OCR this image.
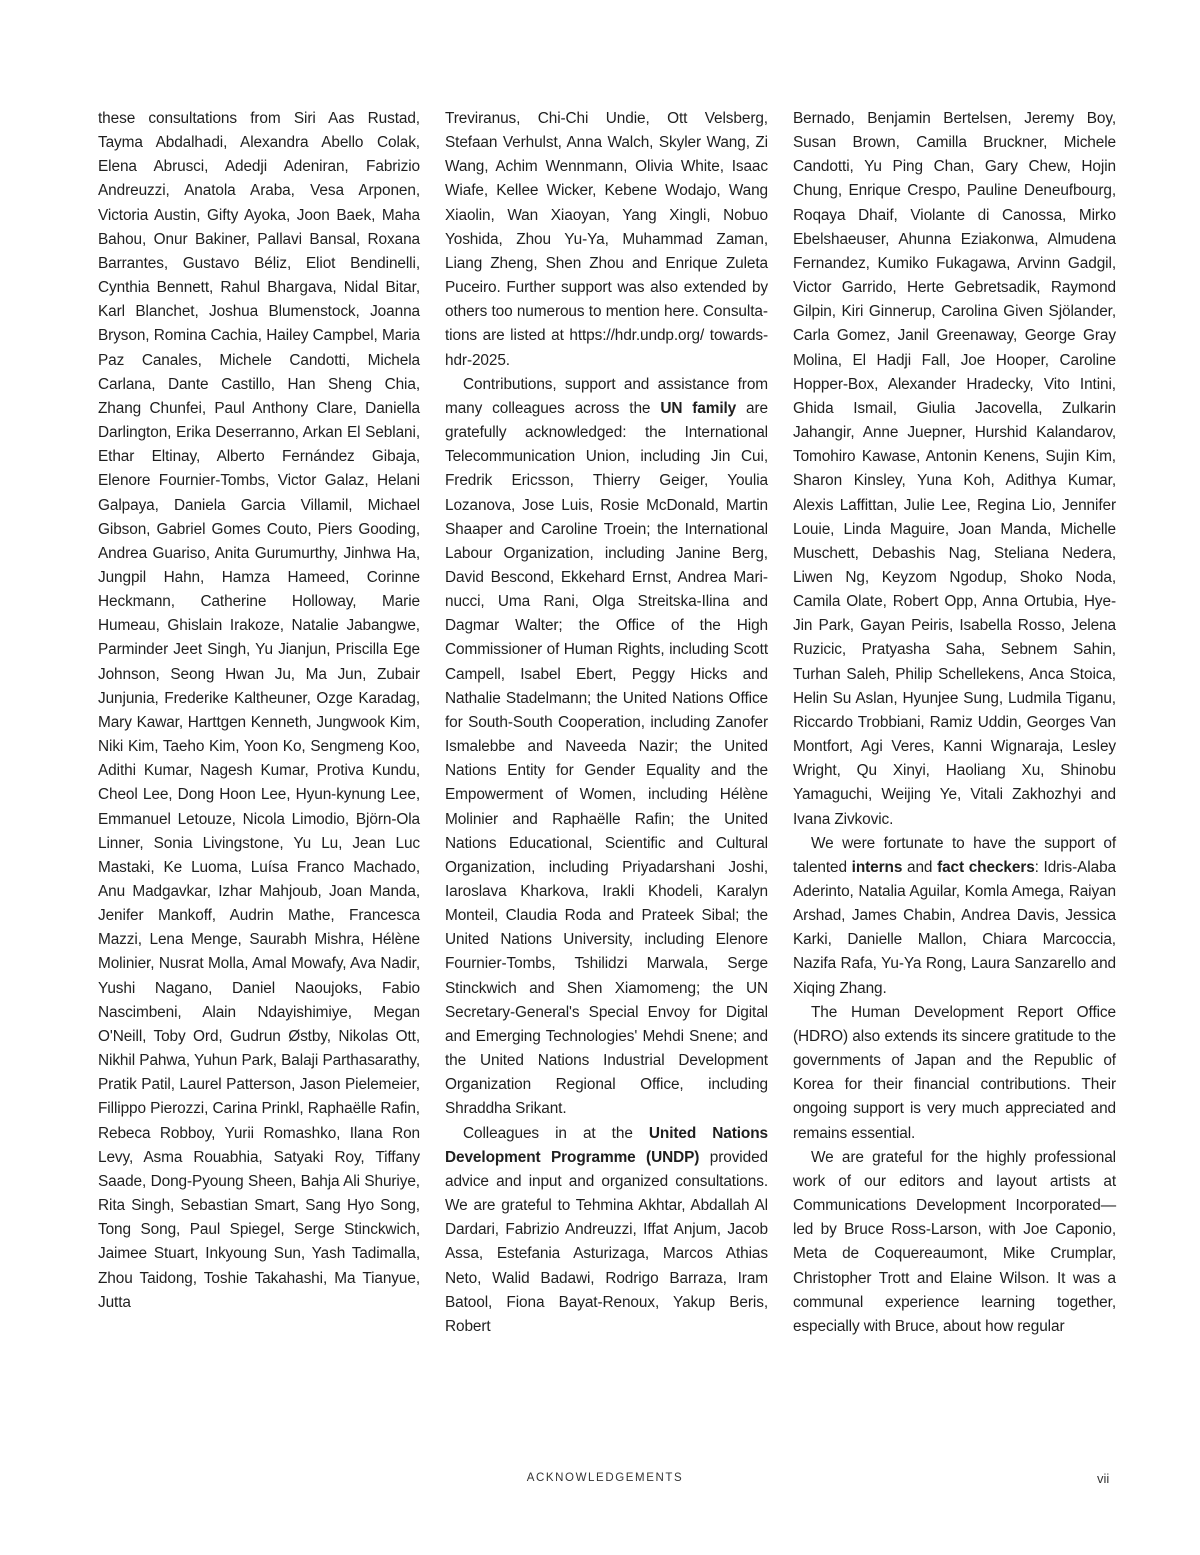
these consultations from Siri Aas Rustad, Tayma Abdalhadi, Alexandra Abello Colak, Elena Abrusci, Adedji Adeniran, Fabrizio Andreuzzi, Anatola Araba, Vesa Arponen, Victoria Austin, Gifty Ayoka, Joon Baek, Maha Bahou, Onur Bakiner, Pallavi Bansal, Roxana Barrantes, Gustavo Béliz, Eliot Bendinelli, Cynthia Bennett, Rahul Bhargava, Nidal Bitar, Karl Blanchet, Joshua Blumenstock, Joanna Bryson, Romina Cachia, Hailey Campbel, Maria Paz Canales, Michele Candotti, Michela Carlana, Dante Castillo, Han Sheng Chia, Zhang Chunfei, Paul Anthony Clare, Daniella Darlington, Erika Deserranno, Arkan El Seblani, Ethar Eltinay, Alberto Fernández Gibaja, Elenore Fournier-Tombs, Victor Galaz, Helani Galpaya, Daniela Garcia Villamil, Michael Gibson, Gabriel Gomes Couto, Piers Gooding, Andrea Guariso, Anita Gurumurthy, Jinhwa Ha, Jungpil Hahn, Hamza Hameed, Corinne Heckmann, Catherine Holloway, Marie Humeau, Ghislain Irakoze, Natalie Jabangwe, Parminder Jeet Singh, Yu Jianjun, Priscilla Ege Johnson, Seong Hwan Ju, Ma Jun, Zubair Junjunia, Frederike Kaltheuner, Ozge Karadag, Mary Kawar, Harttgen Kenneth, Jungwook Kim, Niki Kim, Taeho Kim, Yoon Ko, Sengmeng Koo, Adithi Kumar, Nagesh Kumar, Protiva Kundu, Cheol Lee, Dong Hoon Lee, Hyun-kynung Lee, Emmanuel Letouze, Nicola Limodio, Björn-Ola Linner, Sonia Livingstone, Yu Lu, Jean Luc Mastaki, Ke Luoma, Luísa Franco Machado, Anu Madgavkar, Izhar Mahjoub, Joan Manda, Jenifer Mankoff, Audrin Mathe, Francesca Mazzi, Lena Menge, Saurabh Mishra, Hélène Molinier, Nusrat Molla, Amal Mowafy, Ava Nadir, Yushi Nagano, Daniel Naoujoks, Fabio Nascimbeni, Alain Ndayishimiye, Megan O'Neill, Toby Ord, Gudrun Østby, Nikolas Ott, Nikhil Pahwa, Yuhun Park, Balaji Parthasarathy, Pratik Patil, Laurel Patterson, Jason Pielemeier, Fillippo Pierozzi, Carina Prinkl, Raphaëlle Rafin, Rebeca Robboy, Yurii Romashko, Ilana Ron Levy, Asma Rouabhia, Satyaki Roy, Tiffany Saade, Dong-Pyoung Sheen, Bahja Ali Shuriye, Rita Singh, Sebastian Smart, Sang Hyo Song, Tong Song, Paul Spiegel, Serge Stinckwich, Jaimee Stuart, Inkyoung Sun, Yash Tadimalla, Zhou Taidong, Toshie Takahashi, Ma Tianyue, Jutta

Treviranus, Chi-Chi Undie, Ott Velsberg, Stefaan Verhulst, Anna Walch, Skyler Wang, Zi Wang, Achim Wennmann, Olivia White, Isaac Wiafe, Kellee Wicker, Kebene Wodajo, Wang Xiaolin, Wan Xiaoyan, Yang Xingli, Nobuo Yoshida, Zhou Yu-Ya, Muhammad Zaman, Liang Zheng, Shen Zhou and Enrique Zuleta Puceiro. Further support was also extended by others too numerous to mention here. Consultations are listed at https://hdr.undp.org/ towards-hdr-2025.

Contributions, support and assistance from many colleagues across the UN family are gratefully acknowledged: the International Telecommunication Union, including Jin Cui, Fredrik Ericsson, Thierry Geiger, Youlia Lozanova, Jose Luis, Rosie McDonald, Martin Shaaper and Caroline Troein; the International Labour Organization, including Janine Berg, David Bescond, Ekkehard Ernst, Andrea Marinucci, Uma Rani, Olga Streitska-Ilina and Dagmar Walter; the Office of the High Commissioner of Human Rights, including Scott Campell, Isabel Ebert, Peggy Hicks and Nathalie Stadelmann; the United Nations Office for South-South Cooperation, including Zanofer Ismalebbe and Naveeda Nazir; the United Nations Entity for Gender Equality and the Empowerment of Women, including Hélène Molinier and Raphaëlle Rafin; the United Nations Educational, Scientific and Cultural Organization, including Priyadarshani Joshi, Iaroslava Kharkova, Irakli Khodeli, Karalyn Monteil, Claudia Roda and Prateek Sibal; the United Nations University, including Elenore Fournier-Tombs, Tshilidzi Marwala, Serge Stinckwich and Shen Xiamomeng; the UN Secretary-General's Special Envoy for Digital and Emerging Technologies' Mehdi Snene; and the United Nations Industrial Development Organization Regional Office, including Shraddha Srikant.

Colleagues in at the United Nations Development Programme (UNDP) provided advice and input and organized consultations. We are grateful to Tehmina Akhtar, Abdallah Al Dardari, Fabrizio Andreuzzi, Iffat Anjum, Jacob Assa, Estefania Asturizaga, Marcos Athias Neto, Walid Badawi, Rodrigo Barraza, Iram Batool, Fiona Bayat-Renoux, Yakup Beris, Robert

Bernado, Benjamin Bertelsen, Jeremy Boy, Susan Brown, Camilla Bruckner, Michele Candotti, Yu Ping Chan, Gary Chew, Hojin Chung, Enrique Crespo, Pauline Deneufbourg, Roqaya Dhaif, Violante di Canossa, Mirko Ebelshaeuser, Ahunna Eziakonwa, Almudena Fernandez, Kumiko Fukagawa, Arvinn Gadgil, Victor Garrido, Herte Gebretsadik, Raymond Gilpin, Kiri Ginnerup, Carolina Given Sjölander, Carla Gomez, Janil Greenaway, George Gray Molina, El Hadji Fall, Joe Hooper, Caroline Hopper-Box, Alexander Hradecky, Vito Intini, Ghida Ismail, Giulia Jacovella, Zulkarin Jahangir, Anne Juepner, Hurshid Kalandarov, Tomohiro Kawase, Antonin Kenens, Sujin Kim, Sharon Kinsley, Yuna Koh, Adithya Kumar, Alexis Laffittan, Julie Lee, Regina Lio, Jennifer Louie, Linda Maguire, Joan Manda, Michelle Muschett, Debashis Nag, Steliana Nedera, Liwen Ng, Keyzom Ngodup, Shoko Noda, Camila Olate, Robert Opp, Anna Ortubia, Hye-Jin Park, Gayan Peiris, Isabella Rosso, Jelena Ruzicic, Pratyasha Saha, Sebnem Sahin, Turhan Saleh, Philip Schellekens, Anca Stoica, Helin Su Aslan, Hyunjee Sung, Ludmila Tiganu, Riccardo Trobbiani, Ramiz Uddin, Georges Van Montfort, Agi Veres, Kanni Wignaraja, Lesley Wright, Qu Xinyi, Haoliang Xu, Shinobu Yamaguchi, Weijing Ye, Vitali Zakhozhyi and Ivana Zivkovic.

We were fortunate to have the support of talented interns and fact checkers: Idris-Alaba Aderinto, Natalia Aguilar, Komla Amega, Raiyan Arshad, James Chabin, Andrea Davis, Jessica Karki, Danielle Mallon, Chiara Marcoccia, Nazifa Rafa, Yu-Ya Rong, Laura Sanzarello and Xiqing Zhang.

The Human Development Report Office (HDRO) also extends its sincere gratitude to the governments of Japan and the Republic of Korea for their financial contributions. Their ongoing support is very much appreciated and remains essential.

We are grateful for the highly professional work of our editors and layout artists at Communications Development Incorporated—led by Bruce Ross-Larson, with Joe Caponio, Meta de Coquereaumont, Mike Crumplar, Christopher Trott and Elaine Wilson. It was a communal experience learning together, especially with Bruce, about how regular

ACKNOWLEDGEMENTS	vii
